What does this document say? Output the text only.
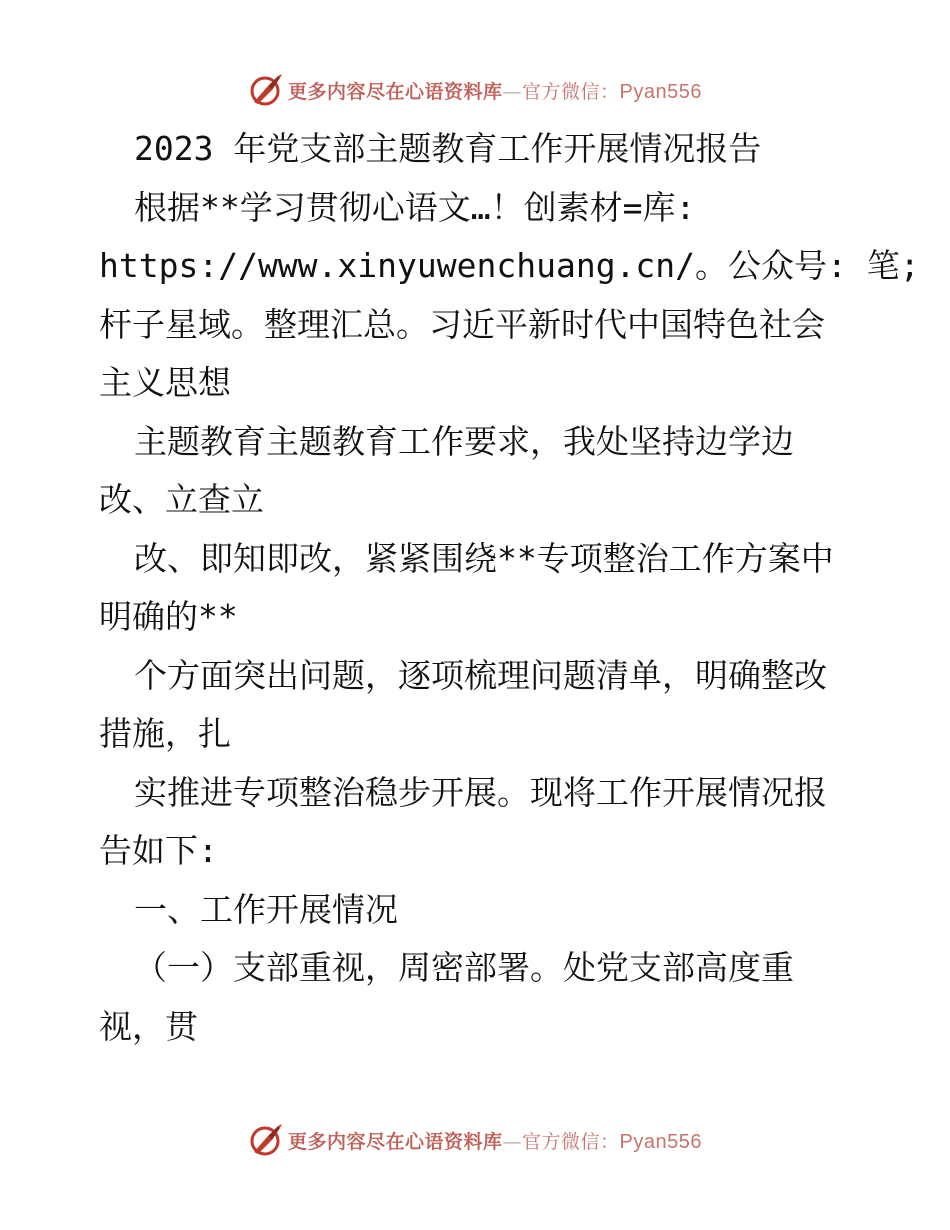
更多内容尽在心语资料库—官方微信：Pyan556
2023 年党支部主题教育工作开展情况报告
根据**学习贯彻心语文…！创素材=库:
https://www.xinyuwenchuang.cn/。公众号: 笔;
杆子星域。整理汇总。习近平新时代中国特色社会
主义思想
主题教育主题教育工作要求，我处坚持边学边
改、立查立
改、即知即改，紧紧围绕**专项整治工作方案中
明确的**
个方面突出问题，逐项梳理问题清单，明确整改
措施，扎
实推进专项整治稳步开展。现将工作开展情况报
告如下:
一、工作开展情况
（一）支部重视，周密部署。处党支部高度重
视，贯
更多内容尽在心语资料库—官方微信：Pyan556
